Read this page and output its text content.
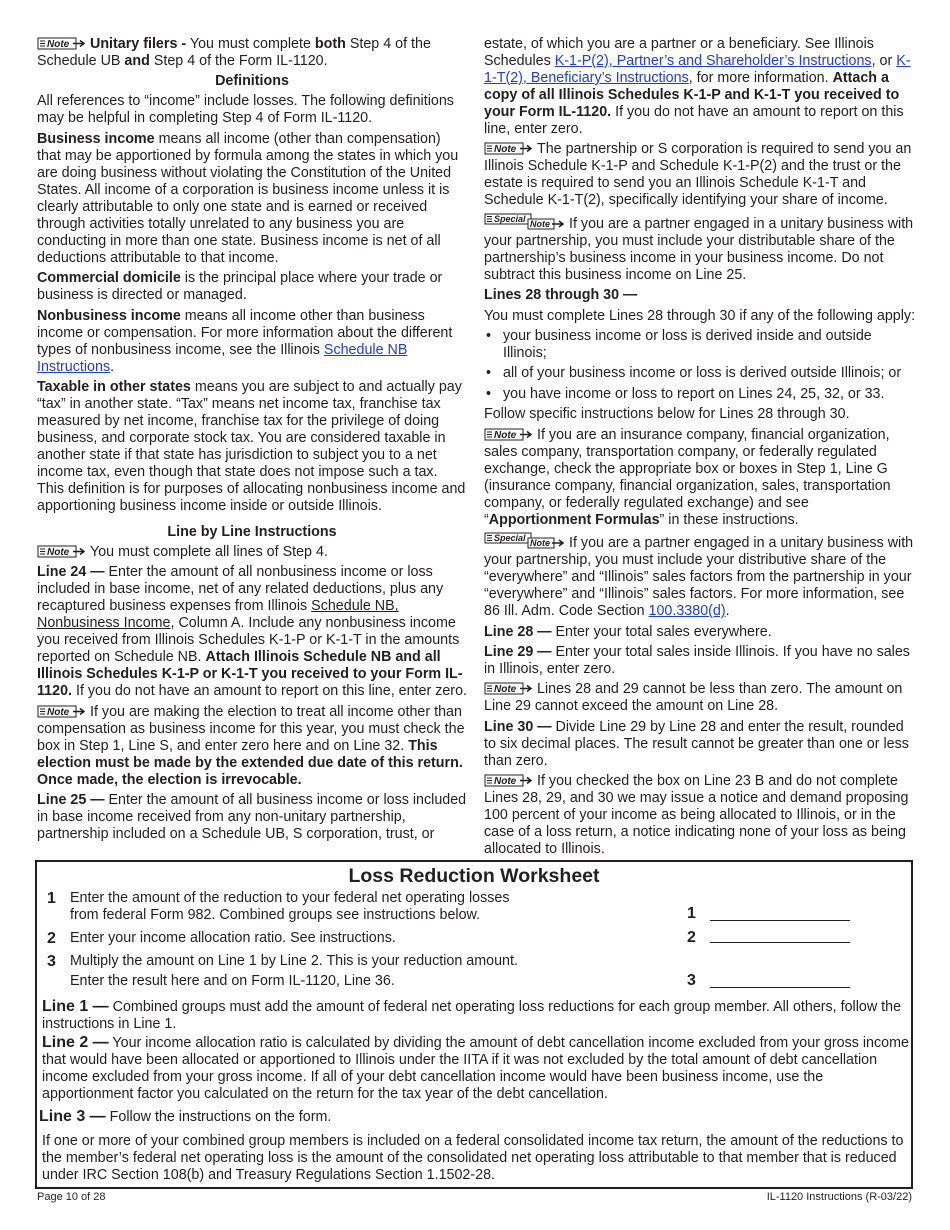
Note Unitary filers - You must complete both Step 4 of the Schedule UB and Step 4 of the Form IL-1120.

Definitions

All references to “income” include losses. The following definitions may be helpful in completing Step 4 of Form IL-1120.

Business income means all income (other than compensation) that may be apportioned by formula among the states in which you are doing business without violating the Constitution of the United States. All income of a corporation is business income unless it is clearly attributable to only one state and is earned or received through activities totally unrelated to any business you are conducting in more than one state. Business income is net of all deductions attributable to that income.

Commercial domicile is the principal place where your trade or business is directed or managed.

Nonbusiness income means all income other than business income or compensation. For more information about the different types of nonbusiness income, see the Illinois Schedule NB Instructions.

Taxable in other states means you are subject to and actually pay “tax” in another state. “Tax” means net income tax, franchise tax measured by net income, franchise tax for the privilege of doing business, and corporate stock tax. You are considered taxable in another state if that state has jurisdiction to subject you to a net income tax, even though that state does not impose such a tax. This definition is for purposes of allocating nonbusiness income and apportioning business income inside or outside Illinois.

Line by Line Instructions

Note You must complete all lines of Step 4.

Line 24 — Enter the amount of all nonbusiness income or loss included in base income, net of any related deductions, plus any recaptured business expenses from Illinois Schedule NB, Nonbusiness Income, Column A. Include any nonbusiness income you received from Illinois Schedules K-1-P or K-1-T in the amounts reported on Schedule NB. Attach Illinois Schedule NB and all Illinois Schedules K-1-P or K-1-T you received to your Form IL-1120. If you do not have an amount to report on this line, enter zero.

Note If you are making the election to treat all income other than compensation as business income for this year, you must check the box in Step 1, Line S, and enter zero here and on Line 32. This election must be made by the extended due date of this return. Once made, the election is irrevocable.

Line 25 — Enter the amount of all business income or loss included in base income received from any non-unitary partnership, partnership included on a Schedule UB, S corporation, trust, or

estate, of which you are a partner or a beneficiary. See Illinois Schedules K-1-P(2), Partner’s and Shareholder’s Instructions, or K-1-T(2), Beneficiary’s Instructions, for more information. Attach a copy of all Illinois Schedules K-1-P and K-1-T you received to your Form IL-1120. If you do not have an amount to report on this line, enter zero.

Note The partnership or S corporation is required to send you an Illinois Schedule K-1-P and Schedule K-1-P(2) and the trust or the estate is required to send you an Illinois Schedule K-1-T and Schedule K-1-T(2), specifically identifying your share of income.

Special Note If you are a partner engaged in a unitary business with your partnership, you must include your distributable share of the partnership’s business income in your business income. Do not subtract this business income on Line 25.

Lines 28 through 30 —

You must complete Lines 28 through 30 if any of the following apply:

• your business income or loss is derived inside and outside Illinois;
• all of your business income or loss is derived outside Illinois; or
• you have income or loss to report on Lines 24, 25, 32, or 33.

Follow specific instructions below for Lines 28 through 30.

Note If you are an insurance company, financial organization, sales company, transportation company, or federally regulated exchange, check the appropriate box or boxes in Step 1, Line G (insurance company, financial organization, sales, transportation company, or federally regulated exchange) and see “Apportionment Formulas” in these instructions.

Special Note If you are a partner engaged in a unitary business with your partnership, you must include your distributive share of the “everywhere” and “Illinois” sales factors from the partnership in your “everywhere” and “Illinois” sales factors. For more information, see 86 Ill. Adm. Code Section 100.3380(d).

Line 28 — Enter your total sales everywhere.

Line 29 — Enter your total sales inside Illinois. If you have no sales in Illinois, enter zero.

Note Lines 28 and 29 cannot be less than zero. The amount on Line 29 cannot exceed the amount on Line 28.

Line 30 — Divide Line 29 by Line 28 and enter the result, rounded to six decimal places. The result cannot be greater than one or less than zero.

Note If you checked the box on Line 23 B and do not complete Lines 28, 29, and 30 we may issue a notice and demand proposing 100 percent of your income as being allocated to Illinois, or in the case of a loss return, a notice indicating none of your loss as being allocated to Illinois.

Loss Reduction Worksheet
1 Enter the amount of the reduction to your federal net operating losses
from federal Form 982. Combined groups see instructions below.	1
2 Enter your income allocation ratio. See instructions.	2
3 Multiply the amount on Line 1 by Line 2. This is your reduction amount.
Enter the result here and on Form IL-1120, Line 36.	3
Line 1 — Combined groups must add the amount of federal net operating loss reductions for each group member. All others, follow the instructions in Line 1.
Line 2 — Your income allocation ratio is calculated by dividing the amount of debt cancellation income excluded from your gross income that would have been allocated or apportioned to Illinois under the IITA if it was not excluded by the total amount of debt cancellation income excluded from your gross income. If all of your debt cancellation income would have been business income, use the apportionment factor you calculated on the return for the tax year of the debt cancellation.
Line 3 — Follow the instructions on the form.
If one or more of your combined group members is included on a federal consolidated income tax return, the amount of the reductions to the member’s federal net operating loss is the amount of the consolidated net operating loss attributable to that member that is reduced under IRC Section 108(b) and Treasury Regulations Section 1.1502-28.
Page 10 of 28	IL-1120 Instructions (R-03/22)
